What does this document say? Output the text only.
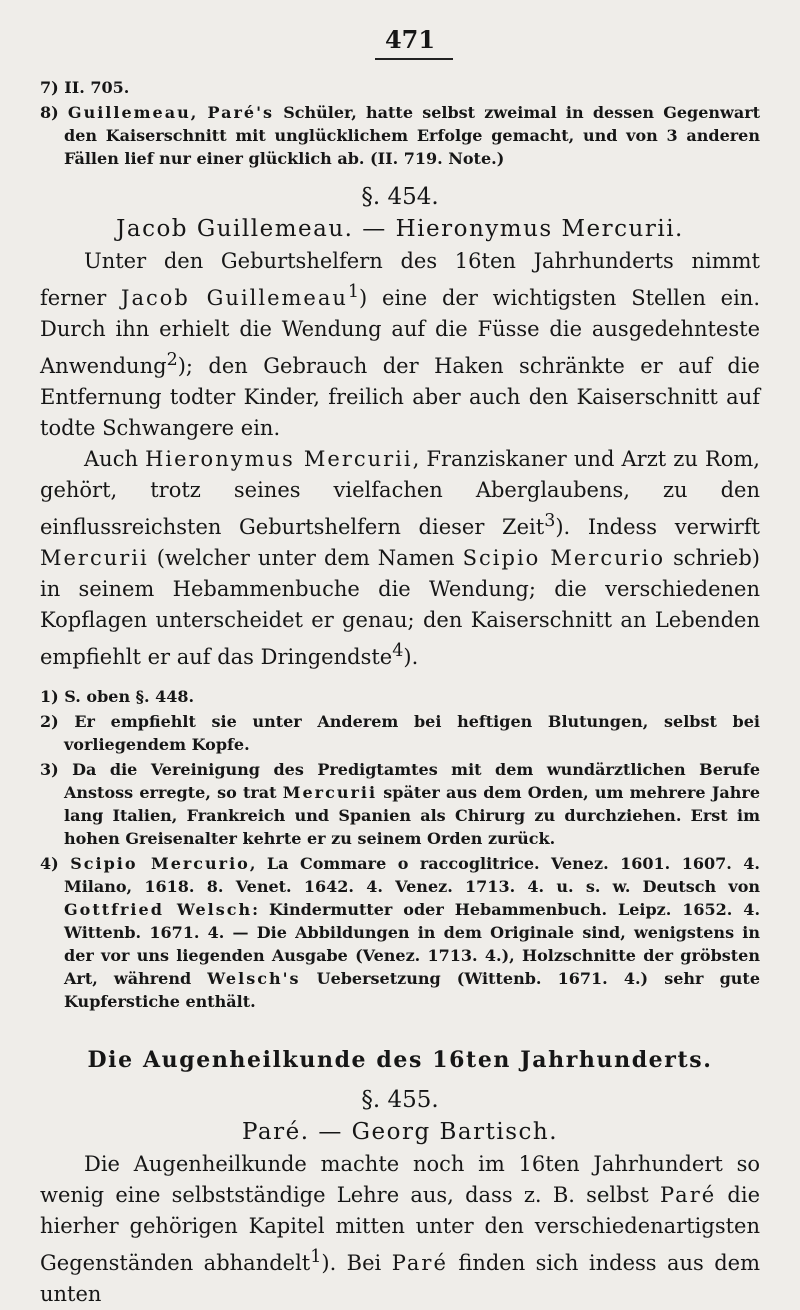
471

7) II. 705.

8) Guillemeau, Paré's Schüler, hatte selbst zweimal in dessen Gegenwart den Kaiserschnitt mit unglücklichem Erfolge gemacht, und von 3 anderen Fällen lief nur einer glücklich ab. (II. 719. Note.)

§. 454.
Jacob Guillemeau. — Hieronymus Mercurii.

Unter den Geburtshelfern des 16ten Jahrhunderts nimmt ferner Jacob Guillemeau$^1$) eine der wichtigsten Stellen ein. Durch ihn erhielt die Wendung auf die Füsse die ausgedehnteste Anwendung$^2$); den Gebrauch der Haken schränkte er auf die Entfernung todter Kinder, freilich aber auch den Kaiserschnitt auf todte Schwangere ein.

Auch Hieronymus Mercurii, Franziskaner und Arzt zu Rom, gehört, trotz seines vielfachen Aberglaubens, zu den einflussreichsten Geburtshelfern dieser Zeit$^3$). Indess verwirft Mercurii (welcher unter dem Namen Scipio Mercurio schrieb) in seinem Hebammenbuche die Wendung; die verschiedenen Kopflagen unterscheidet er genau; den Kaiserschnitt an Lebenden empfiehlt er auf das Dringendste$^4$).

1) S. oben §. 448.

2) Er empfiehlt sie unter Anderem bei heftigen Blutungen, selbst bei vorliegendem Kopfe.

3) Da die Vereinigung des Predigtamtes mit dem wundärztlichen Berufe Anstoss erregte, so trat Mercurii später aus dem Orden, um mehrere Jahre lang Italien, Frankreich und Spanien als Chirurg zu durchziehen. Erst im hohen Greisenalter kehrte er zu seinem Orden zurück.

4) Scipio Mercurio, La Commare o raccoglitrice. Venez. 1601. 1607. 4. Milano, 1618. 8. Venet. 1642. 4. Venez. 1713. 4. u. s. w. Deutsch von Gottfried Welsch: Kindermutter oder Hebammenbuch. Leipz. 1652. 4. Wittenb. 1671. 4. — Die Abbildungen in dem Originale sind, wenigstens in der vor uns liegenden Ausgabe (Venez. 1713. 4.), Holzschnitte der gröbsten Art, während Welsch's Uebersetzung (Wittenb. 1671. 4.) sehr gute Kupferstiche enthält.

Die Augenheilkunde des 16ten Jahrhunderts.
§. 455.
Paré. — Georg Bartisch.

Die Augenheilkunde machte noch im 16ten Jahrhundert so wenig eine selbstständige Lehre aus, dass z. B. selbst Paré die hierher gehörigen Kapitel mitten unter den verschiedenartigsten Gegenständen abhandelt$^1$). Bei Paré finden sich indess aus dem unten
